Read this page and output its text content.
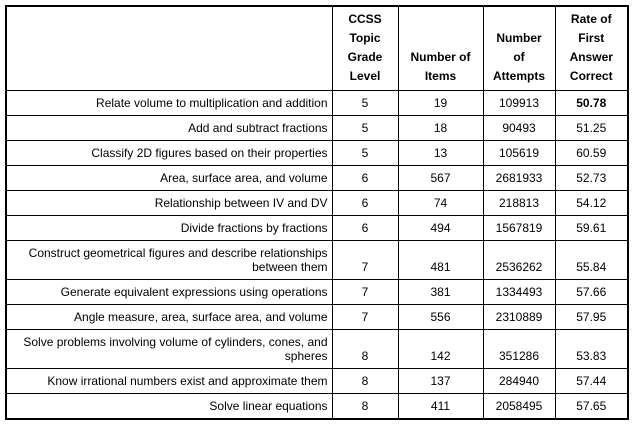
	CCSS Topic Grade Level	Number of Items	Number of Attempts	Rate of First Answer Correct
Relate volume to multiplication and addition	5	19	109913	50.78
Add and subtract fractions	5	18	90493	51.25
Classify 2D figures based on their properties	5	13	105619	60.59
Area, surface area, and volume	6	567	2681933	52.73
Relationship between IV and DV	6	74	218813	54.12
Divide fractions by fractions	6	494	1567819	59.61
Construct geometrical figures and describe relationships between them	7	481	2536262	55.84
Generate equivalent expressions using operations	7	381	1334493	57.66
Angle measure, area, surface area, and volume	7	556	2310889	57.95
Solve problems involving volume of cylinders, cones, and spheres	8	142	351286	53.83
Know irrational numbers exist and approximate them	8	137	284940	57.44
Solve linear equations	8	411	2058495	57.65
